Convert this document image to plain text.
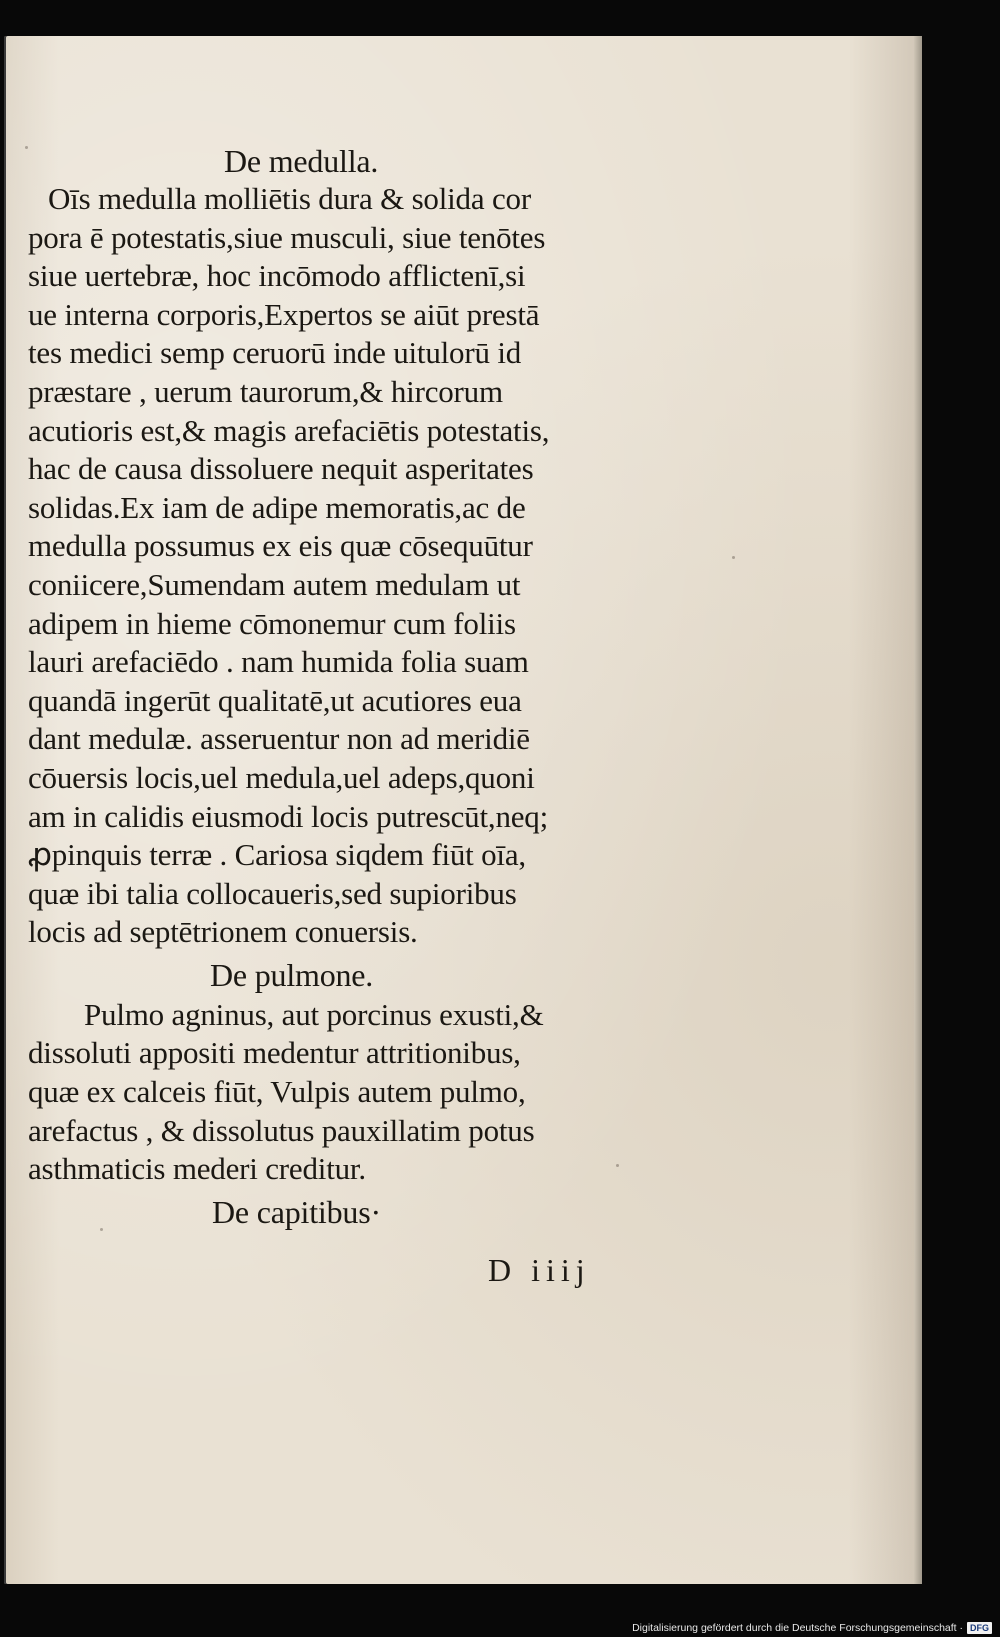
De medulla.
Oīs medulla molliētis dura & solida cor
pora ē potestatis,siue musculi, siue tenōtes
siue uertebræ, hoc incōmodo afflictenī,si
ue interna corporis,Expertos se aiūt prestā
tes medici semp ceruorū inde uitulorū id
præstare , uerum taurorum,& hircorum
acutioris est,& magis arefaciētis potestatis,
hac de causa dissoluere nequit asperitates
solidas.Ex iam de adipe memoratis,ac de
medulla possumus ex eis quæ cōsequūtur
coniicere,Sumendam autem medulam ut
adipem in hieme cōmonemur cum foliis
lauri arefaciēdo . nam humida folia suam
quandā ingerūt qualitatē,ut acutiores eua
dant medulæ. asseruentur non ad meridiē
cōuersis locis,uel medula,uel adeps,quoni
am in calidis eiusmodi locis putrescūt,neq;
ꝓpinquis terræ . Cariosa siqdem fiūt oīa,
quæ ibi talia collocaueris,sed supioribus
locis ad septētrionem conuersis.
De pulmone.
Pulmo agninus, aut porcinus exusti,&
dissoluti appositi medentur attritionibus,
quæ ex calceis fiūt, Vulpis autem pulmo,
arefactus , & dissolutus pauxillatim potus
asthmaticis mederi creditur.
De capitibus·
D iiij
Digitalisierung gefördert durch die Deutsche Forschungsgemeinschaft · DFG
